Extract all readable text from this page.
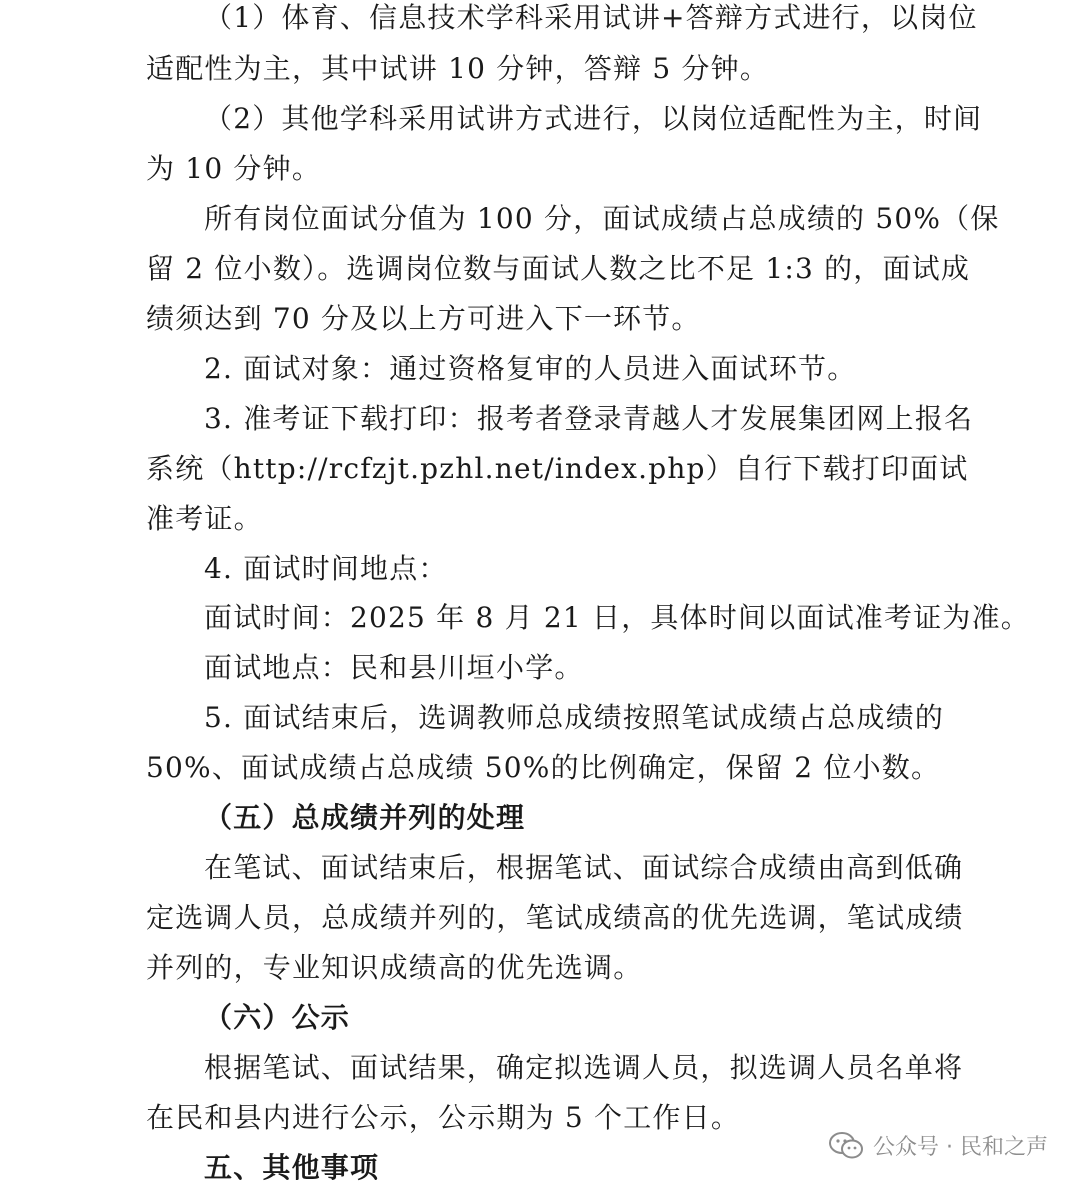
（1）体育、信息技术学科采用试讲+答辩方式进行，以岗位
适配性为主，其中试讲 10 分钟，答辩 5 分钟。
（2）其他学科采用试讲方式进行，以岗位适配性为主，时间
为 10 分钟。
所有岗位面试分值为 100 分，面试成绩占总成绩的 50%（保
留 2 位小数）。选调岗位数与面试人数之比不足 1:3 的，面试成
绩须达到 70 分及以上方可进入下一环节。
2. 面试对象：通过资格复审的人员进入面试环节。
3. 准考证下载打印：报考者登录青越人才发展集团网上报名
系统（http://rcfzjt.pzhl.net/index.php）自行下载打印面试
准考证。
4. 面试时间地点：
面试时间：2025 年 8 月 21 日，具体时间以面试准考证为准。
面试地点：民和县川垣小学。
5. 面试结束后，选调教师总成绩按照笔试成绩占总成绩的
50%、面试成绩占总成绩 50%的比例确定，保留 2 位小数。
（五）总成绩并列的处理
在笔试、面试结束后，根据笔试、面试综合成绩由高到低确
定选调人员，总成绩并列的，笔试成绩高的优先选调，笔试成绩
并列的，专业知识成绩高的优先选调。
（六）公示
根据笔试、面试结果，确定拟选调人员，拟选调人员名单将
在民和县内进行公示，公示期为 5 个工作日。
五、其他事项
公众号 · 民和之声
